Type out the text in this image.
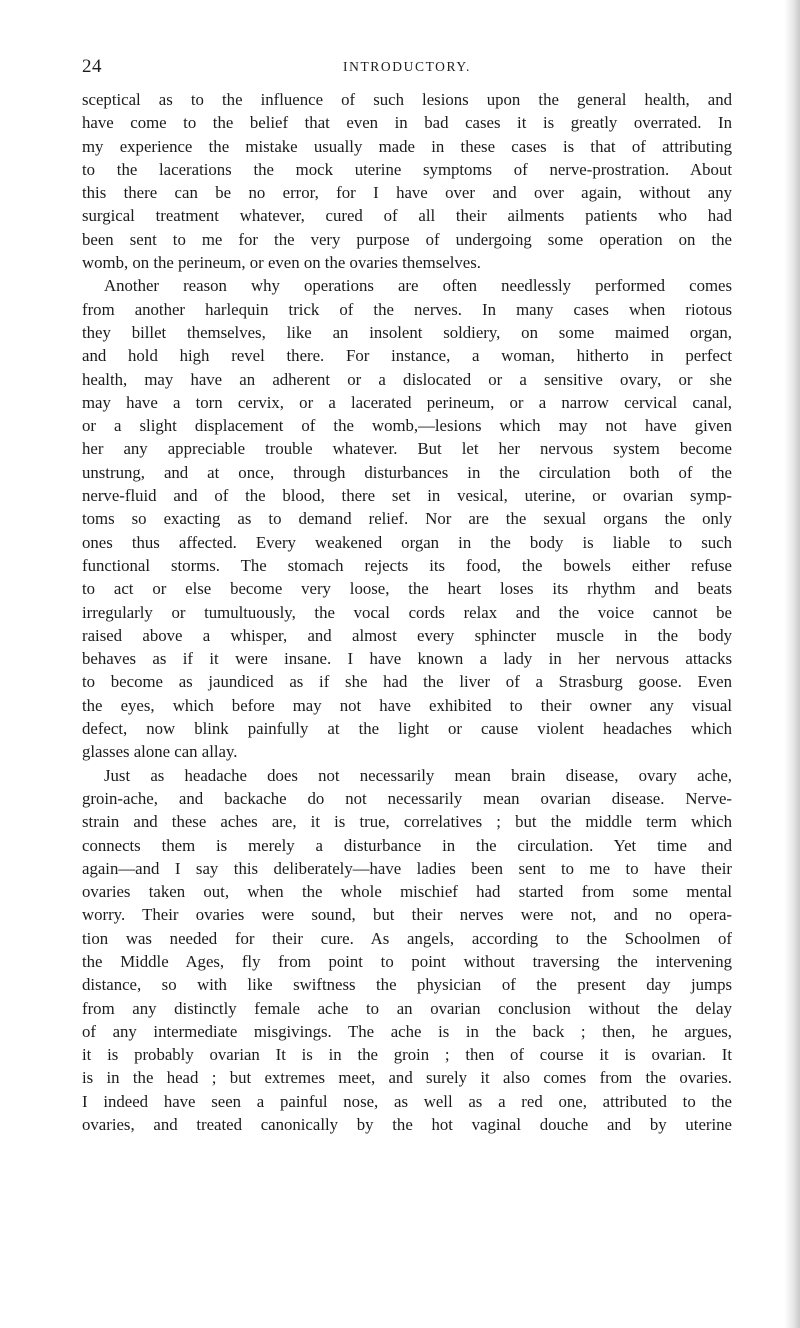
24	INTRODUCTORY.
sceptical as to the influence of such lesions upon the general health, and
have come to the belief that even in bad cases it is greatly overrated. In
my experience the mistake usually made in these cases is that of attributing
to the lacerations the mock uterine symptoms of nerve-prostration. About
this there can be no error, for I have over and over again, without any
surgical treatment whatever, cured of all their ailments patients who had
been sent to me for the very purpose of undergoing some operation on the
womb, on the perineum, or even on the ovaries themselves.
Another reason why operations are often needlessly performed comes
from another harlequin trick of the nerves. In many cases when riotous
they billet themselves, like an insolent soldiery, on some maimed organ,
and hold high revel there. For instance, a woman, hitherto in perfect
health, may have an adherent or a dislocated or a sensitive ovary, or she
may have a torn cervix, or a lacerated perineum, or a narrow cervical canal,
or a slight displacement of the womb,—lesions which may not have given
her any appreciable trouble whatever. But let her nervous system become
unstrung, and at once, through disturbances in the circulation both of the
nerve-fluid and of the blood, there set in vesical, uterine, or ovarian symp-
toms so exacting as to demand relief. Nor are the sexual organs the only
ones thus affected. Every weakened organ in the body is liable to such
functional storms. The stomach rejects its food, the bowels either refuse
to act or else become very loose, the heart loses its rhythm and beats
irregularly or tumultuously, the vocal cords relax and the voice cannot be
raised above a whisper, and almost every sphincter muscle in the body
behaves as if it were insane. I have known a lady in her nervous attacks
to become as jaundiced as if she had the liver of a Strasburg goose. Even
the eyes, which before may not have exhibited to their owner any visual
defect, now blink painfully at the light or cause violent headaches which
glasses alone can allay.
Just as headache does not necessarily mean brain disease, ovary ache,
groin-ache, and backache do not necessarily mean ovarian disease. Nerve-
strain and these aches are, it is true, correlatives ; but the middle term which
connects them is merely a disturbance in the circulation. Yet time and
again—and I say this deliberately—have ladies been sent to me to have their
ovaries taken out, when the whole mischief had started from some mental
worry. Their ovaries were sound, but their nerves were not, and no opera-
tion was needed for their cure. As angels, according to the Schoolmen of
the Middle Ages, fly from point to point without traversing the intervening
distance, so with like swiftness the physician of the present day jumps
from any distinctly female ache to an ovarian conclusion without the delay
of any intermediate misgivings. The ache is in the back ; then, he argues,
it is probably ovarian It is in the groin ; then of course it is ovarian. It
is in the head ; but extremes meet, and surely it also comes from the ovaries.
I indeed have seen a painful nose, as well as a red one, attributed to the
ovaries, and treated canonically by the hot vaginal douche and by uterine
